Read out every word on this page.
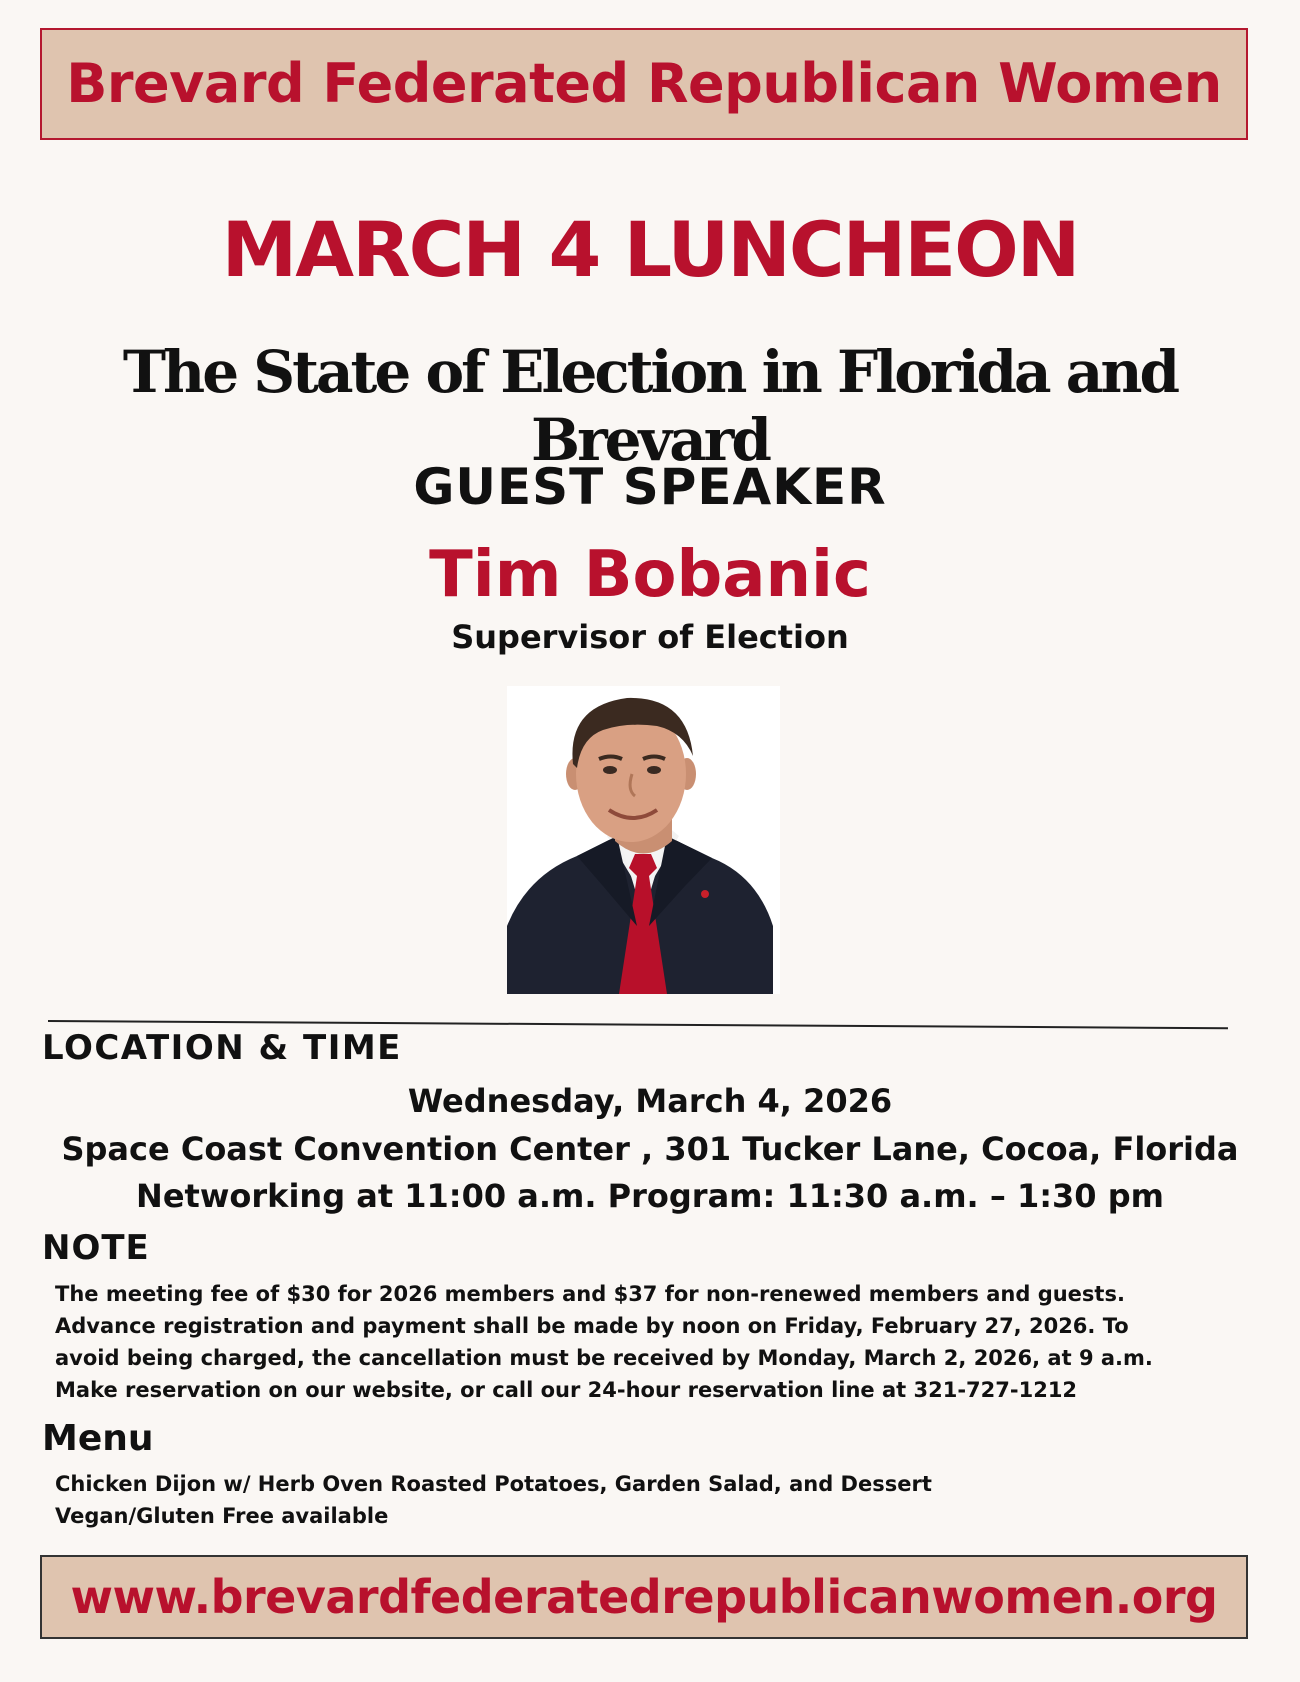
Brevard Federated Republican Women
MARCH 4 LUNCHEON
The State of Election in Florida and Brevard
GUEST SPEAKER
Tim Bobanic
Supervisor of Election
LOCATION & TIME
Wednesday, March 4, 2026
Space Coast Convention Center , 301 Tucker Lane, Cocoa, Florida
Networking at 11:00 a.m. Program: 11:30 a.m. – 1:30 pm
NOTE
The meeting fee of $30 for 2026 members and $37 for non-renewed members and guests.
Advance registration and payment shall be made by noon on Friday, February 27, 2026. To
avoid being charged, the cancellation must be received by Monday, March 2, 2026, at 9 a.m.
Make reservation on our website, or call our 24-hour reservation line at 321-727-1212
Menu
Chicken Dijon w/ Herb Oven Roasted Potatoes, Garden Salad, and Dessert
Vegan/Gluten Free available
www.brevardfederatedrepublicanwomen.org
